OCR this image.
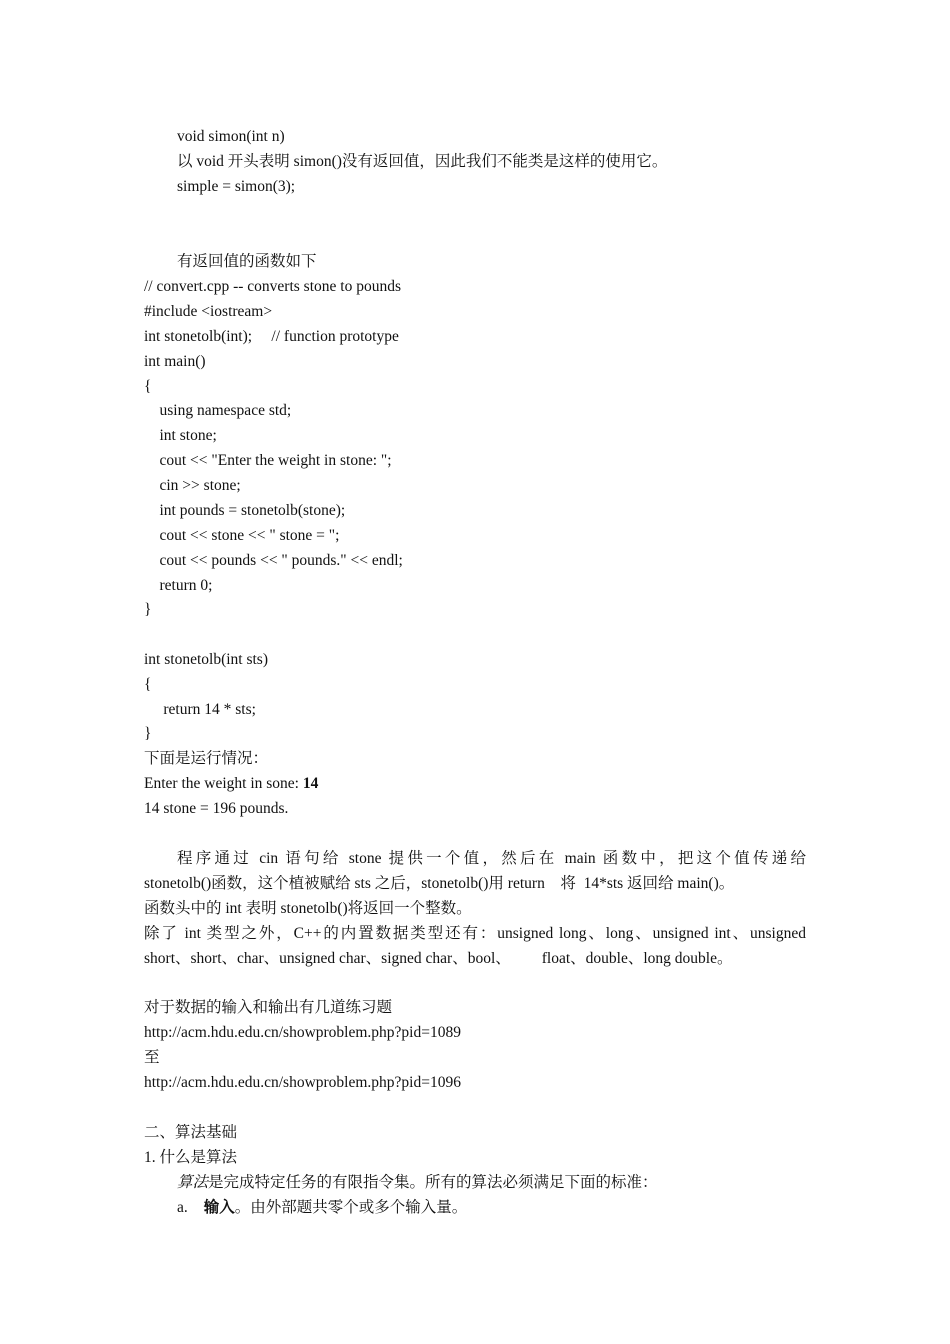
void simon(int n)
以 void 开头表明 simon()没有返回值，因此我们不能类是这样的使用它。
simple = simon(3);
有返回值的函数如下
// convert.cpp -- converts stone to pounds
#include <iostream>
int stonetolb(int);     // function prototype
int main()
{
using namespace std;
int stone;
cout << "Enter the weight in stone: ";
cin >> stone;
int pounds = stonetolb(stone);
cout << stone << " stone = ";
cout << pounds << " pounds." << endl;
return 0;
}
int stonetolb(int sts)
{
return 14 * sts;
}
下面是运行情况：
Enter the weight in sone: 14
14 stone = 196 pounds.
程序通过 cin 语句给 stone 提供一个值，然后在 main 函数中，把这个值传递给
stonetolb()函数，这个植被赋给 sts 之后，stonetolb()用 return    将  14*sts 返回给 main()。
函数头中的 int 表明 stonetolb()将返回一个整数。
除了 int 类型之外，C++的内置数据类型还有：unsigned long、long、unsigned int、unsigned
short、short、char、unsigned char、signed char、bool、        float、double、long double。
对于数据的输入和输出有几道练习题
http://acm.hdu.edu.cn/showproblem.php?pid=1089
至
http://acm.hdu.edu.cn/showproblem.php?pid=1096
二、算法基础
1. 什么是算法
算法是完成特定任务的有限指令集。所有的算法必须满足下面的标准：
a. 输入。由外部题共零个或多个输入量。
